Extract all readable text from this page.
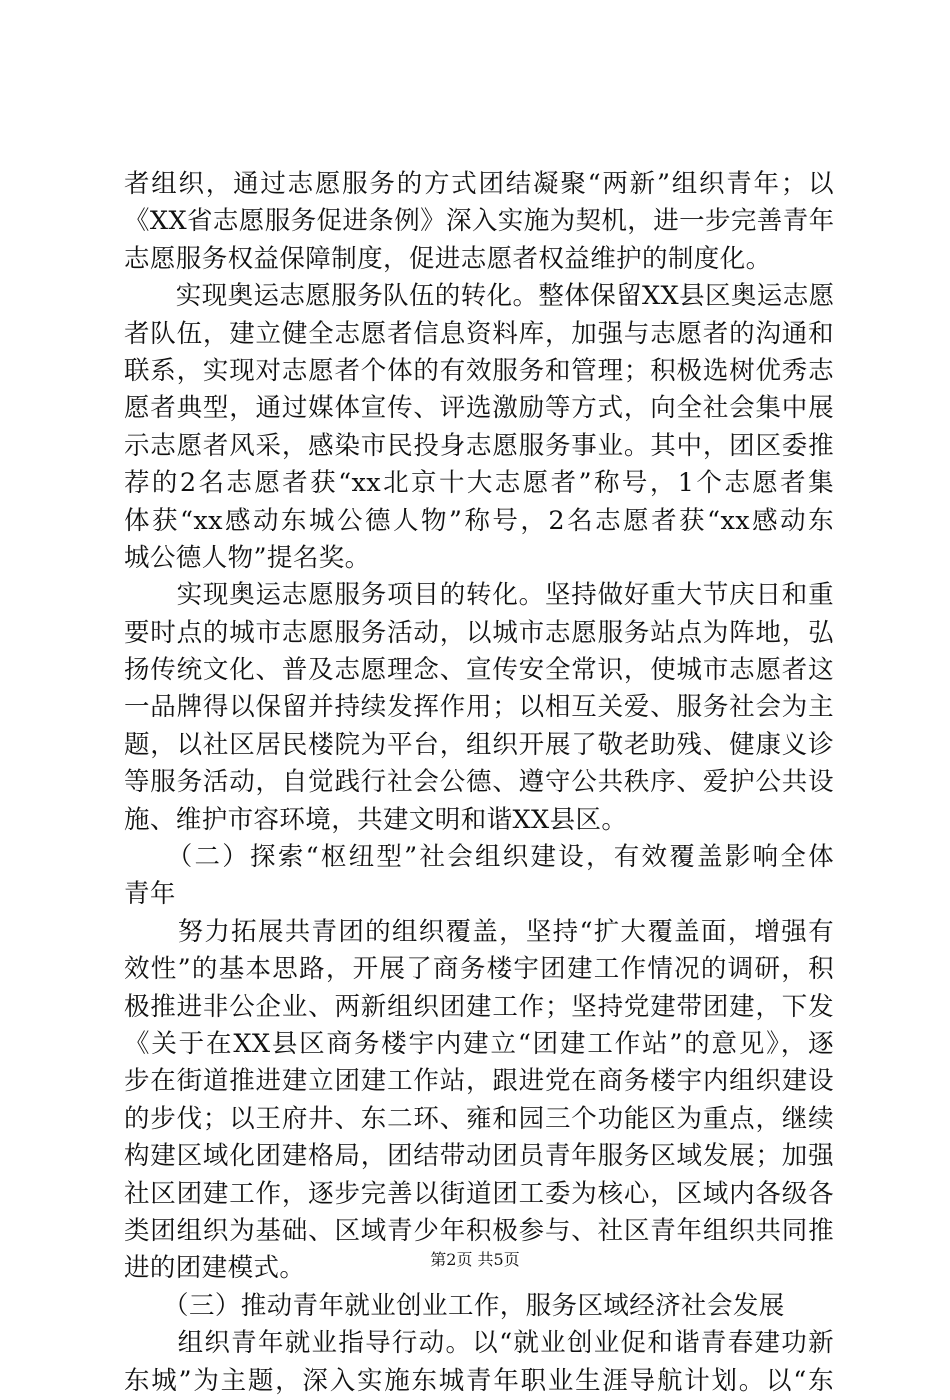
者组织，通过志愿服务的方式团结凝聚“两新”组织青年；以
《XX省志愿服务促进条例》深入实施为契机，进一步完善青年
志愿服务权益保障制度，促进志愿者权益维护的制度化。
　　实现奥运志愿服务队伍的转化。整体保留XX县区奥运志愿
者队伍，建立健全志愿者信息资料库，加强与志愿者的沟通和
联系，实现对志愿者个体的有效服务和管理；积极选树优秀志
愿者典型，通过媒体宣传、评选激励等方式，向全社会集中展
示志愿者风采，感染市民投身志愿服务事业。其中，团区委推
荐的2名志愿者获“xx北京十大志愿者”称号，1个志愿者集
体获“xx感动东城公德人物”称号，2名志愿者获“xx感动东
城公德人物”提名奖。
　　实现奥运志愿服务项目的转化。坚持做好重大节庆日和重
要时点的城市志愿服务活动，以城市志愿服务站点为阵地，弘
扬传统文化、普及志愿理念、宣传安全常识，使城市志愿者这
一品牌得以保留并持续发挥作用；以相互关爱、服务社会为主
题，以社区居民楼院为平台，组织开展了敬老助残、健康义诊
等服务活动，自觉践行社会公德、遵守公共秩序、爱护公共设
施、维护市容环境，共建文明和谐XX县区。
　　（二）探索“枢纽型”社会组织建设，有效覆盖影响全体
青年
　　努力拓展共青团的组织覆盖，坚持“扩大覆盖面，增强有
效性”的基本思路，开展了商务楼宇团建工作情况的调研，积
极推进非公企业、两新组织团建工作；坚持党建带团建，下发
《关于在XX县区商务楼宇内建立“团建工作站”的意见》，逐
步在街道推进建立团建工作站，跟进党在商务楼宇内组织建设
的步伐；以王府井、东二环、雍和园三个功能区为重点，继续
构建区域化团建格局，团结带动团员青年服务区域发展；加强
社区团建工作，逐步完善以街道团工委为核心，区域内各级各
类团组织为基础、区域青少年积极参与、社区青年组织共同推
进的团建模式。
　　（三）推动青年就业创业工作，服务区域经济社会发展
　　组织青年就业指导行动。以“就业创业促和谐青春建功新
东城”为主题，深入实施东城青年职业生涯导航计划。以“东
第2页 共5页
